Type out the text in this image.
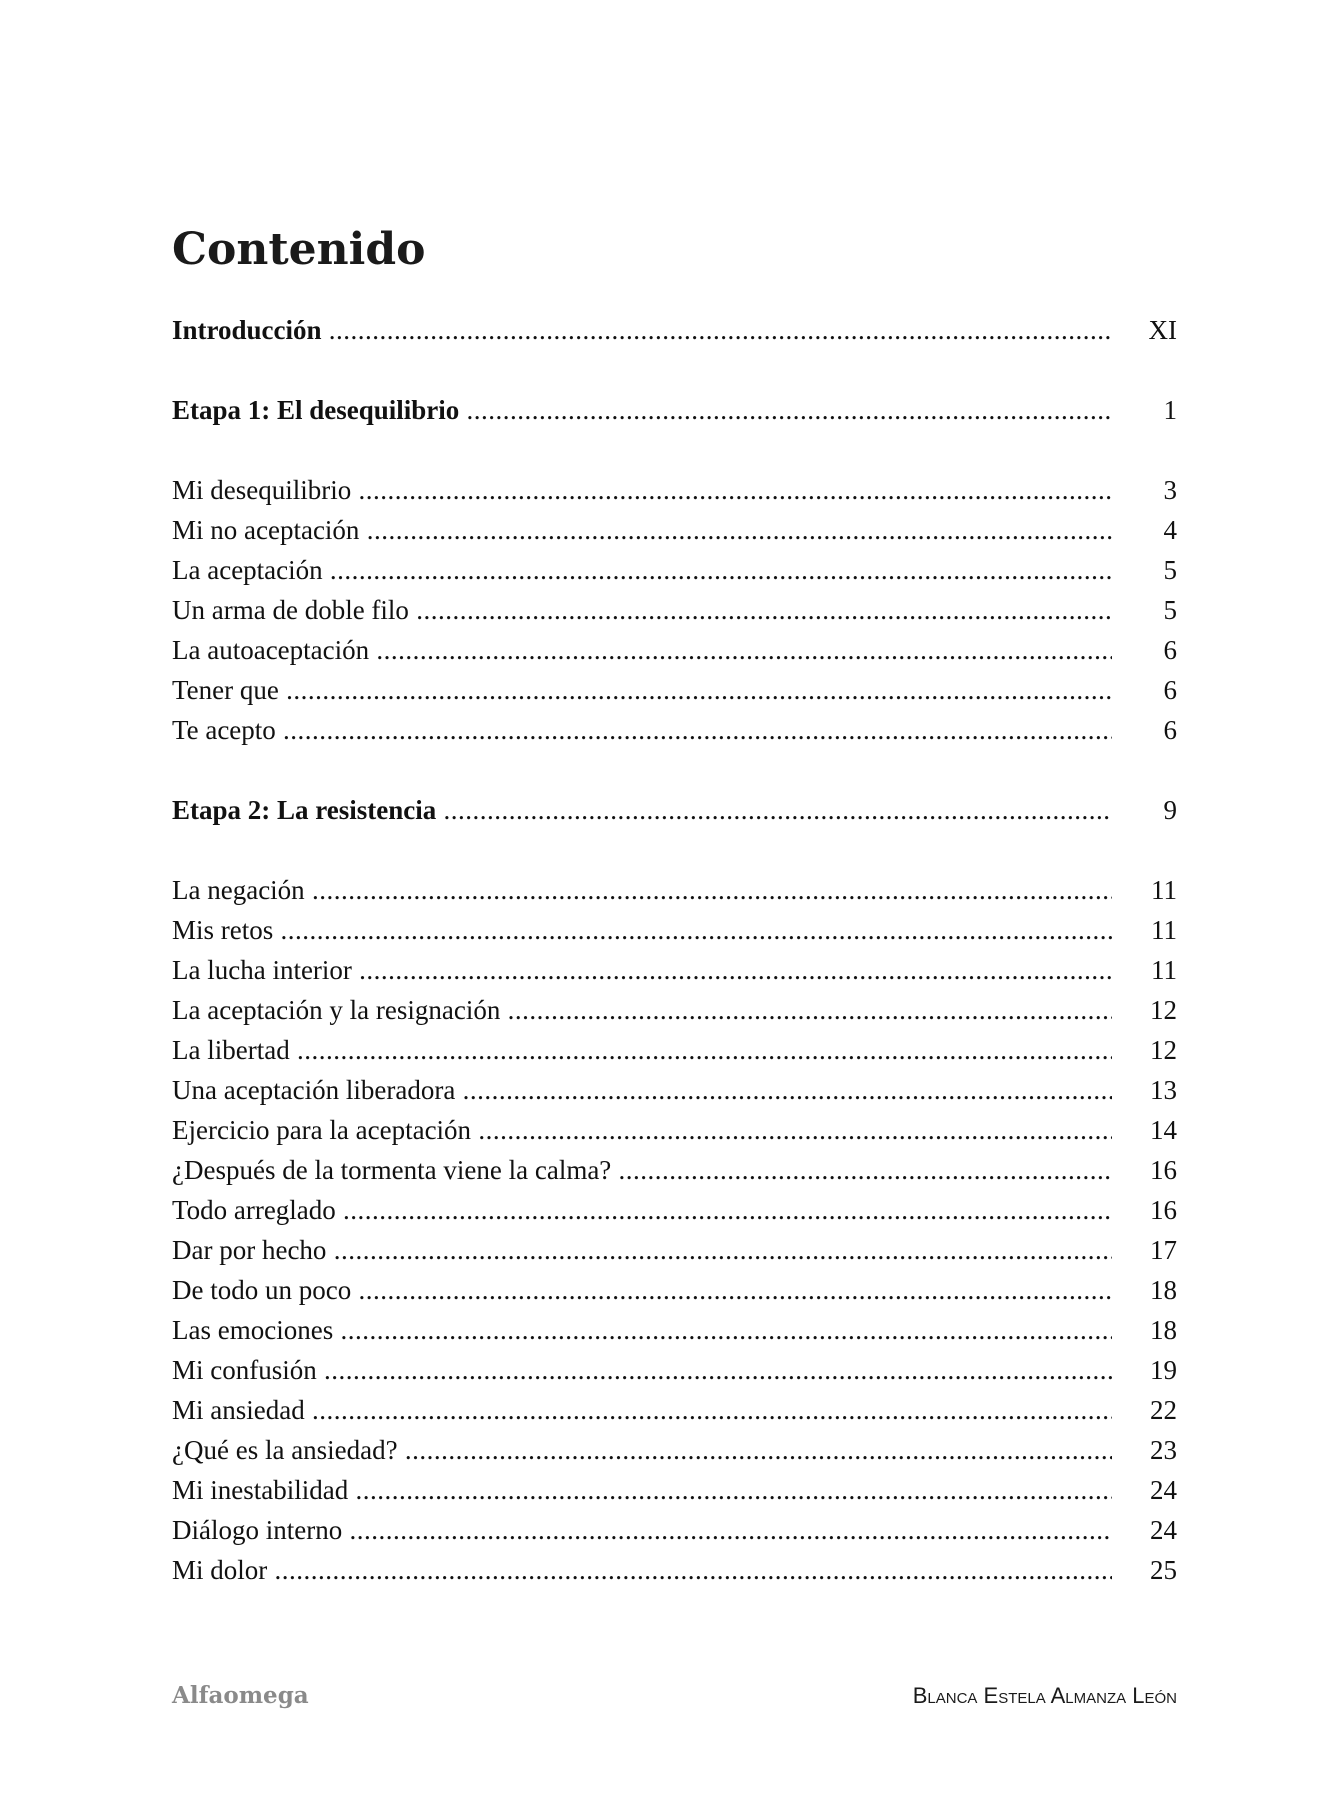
Contenido
Introducción .....	XI
Etapa 1: El desequilibrio .....	1
Mi desequilibrio .....	3
Mi no aceptación .....	4
La aceptación .....	5
Un arma de doble filo .....	5
La autoaceptación .....	6
Tener que .....	6
Te acepto .....	6
Etapa 2: La resistencia .....	9
La negación .....	11
Mis retos .....	11
La lucha interior .....	11
La aceptación y la resignación .....	12
La libertad .....	12
Una aceptación liberadora .....	13
Ejercicio para la aceptación .....	14
¿Después de la tormenta viene la calma? .....	16
Todo arreglado .....	16
Dar por hecho .....	17
De todo un poco .....	18
Las emociones .....	18
Mi confusión .....	19
Mi ansiedad .....	22
¿Qué es la ansiedad? .....	23
Mi inestabilidad .....	24
Diálogo interno .....	24
Mi dolor .....	25
Alfaomega	Blanca Estela Almanza León
